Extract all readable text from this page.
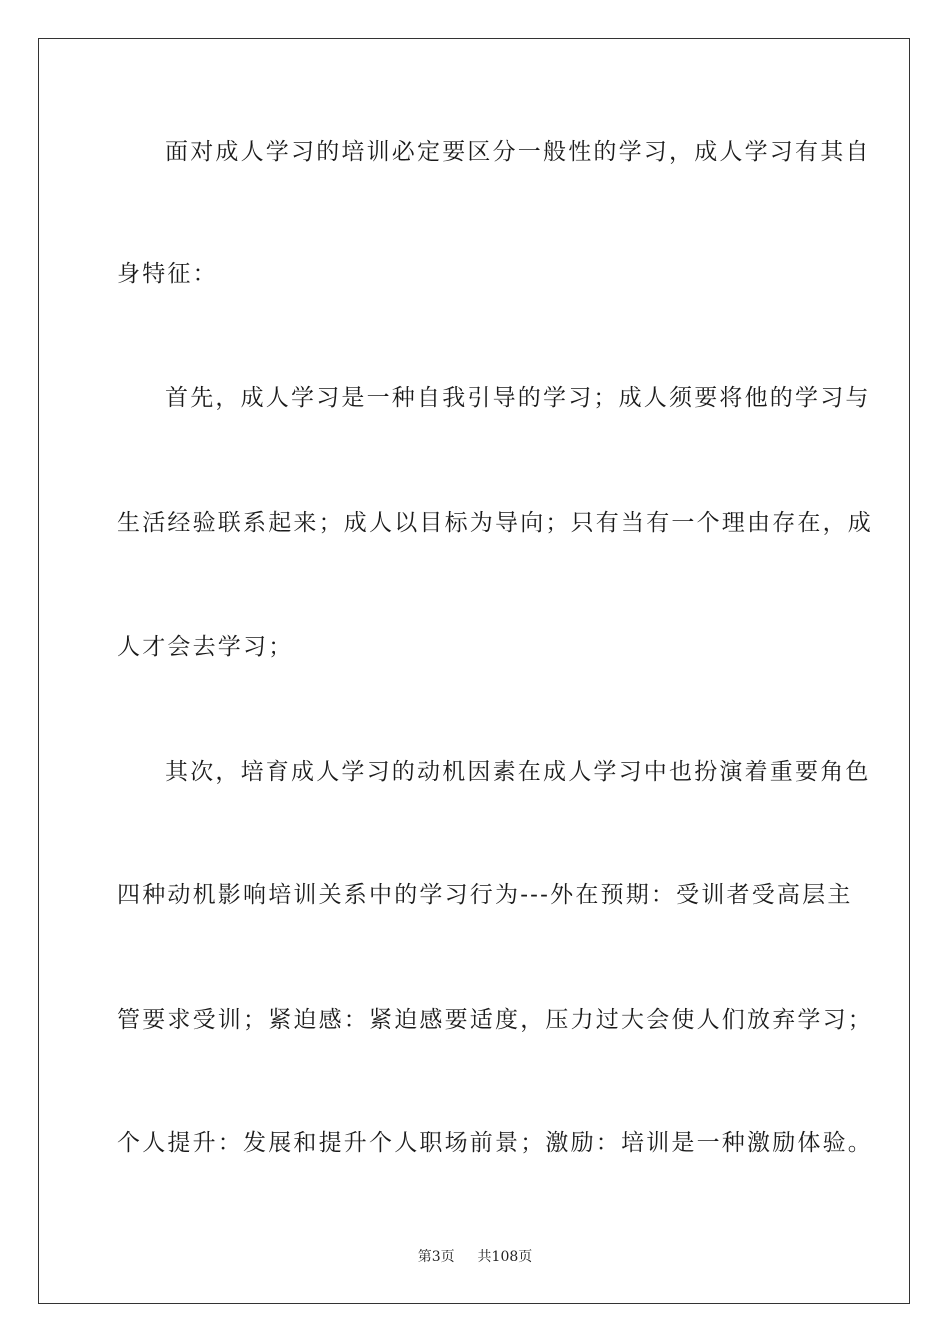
面对成人学习的培训必定要区分一般性的学习，成人学习有其自
身特征：
首先，成人学习是一种自我引导的学习；成人须要将他的学习与
生活经验联系起来；成人以目标为导向；只有当有一个理由存在，成
人才会去学习；
其次，培育成人学习的动机因素在成人学习中也扮演着重要角色
四种动机影响培训关系中的学习行为---外在预期：受训者受高层主
管要求受训；紧迫感：紧迫感要适度，压力过大会使人们放弃学习；
个人提升：发展和提升个人职场前景；激励：培训是一种激励体验。
第3页 共108页
